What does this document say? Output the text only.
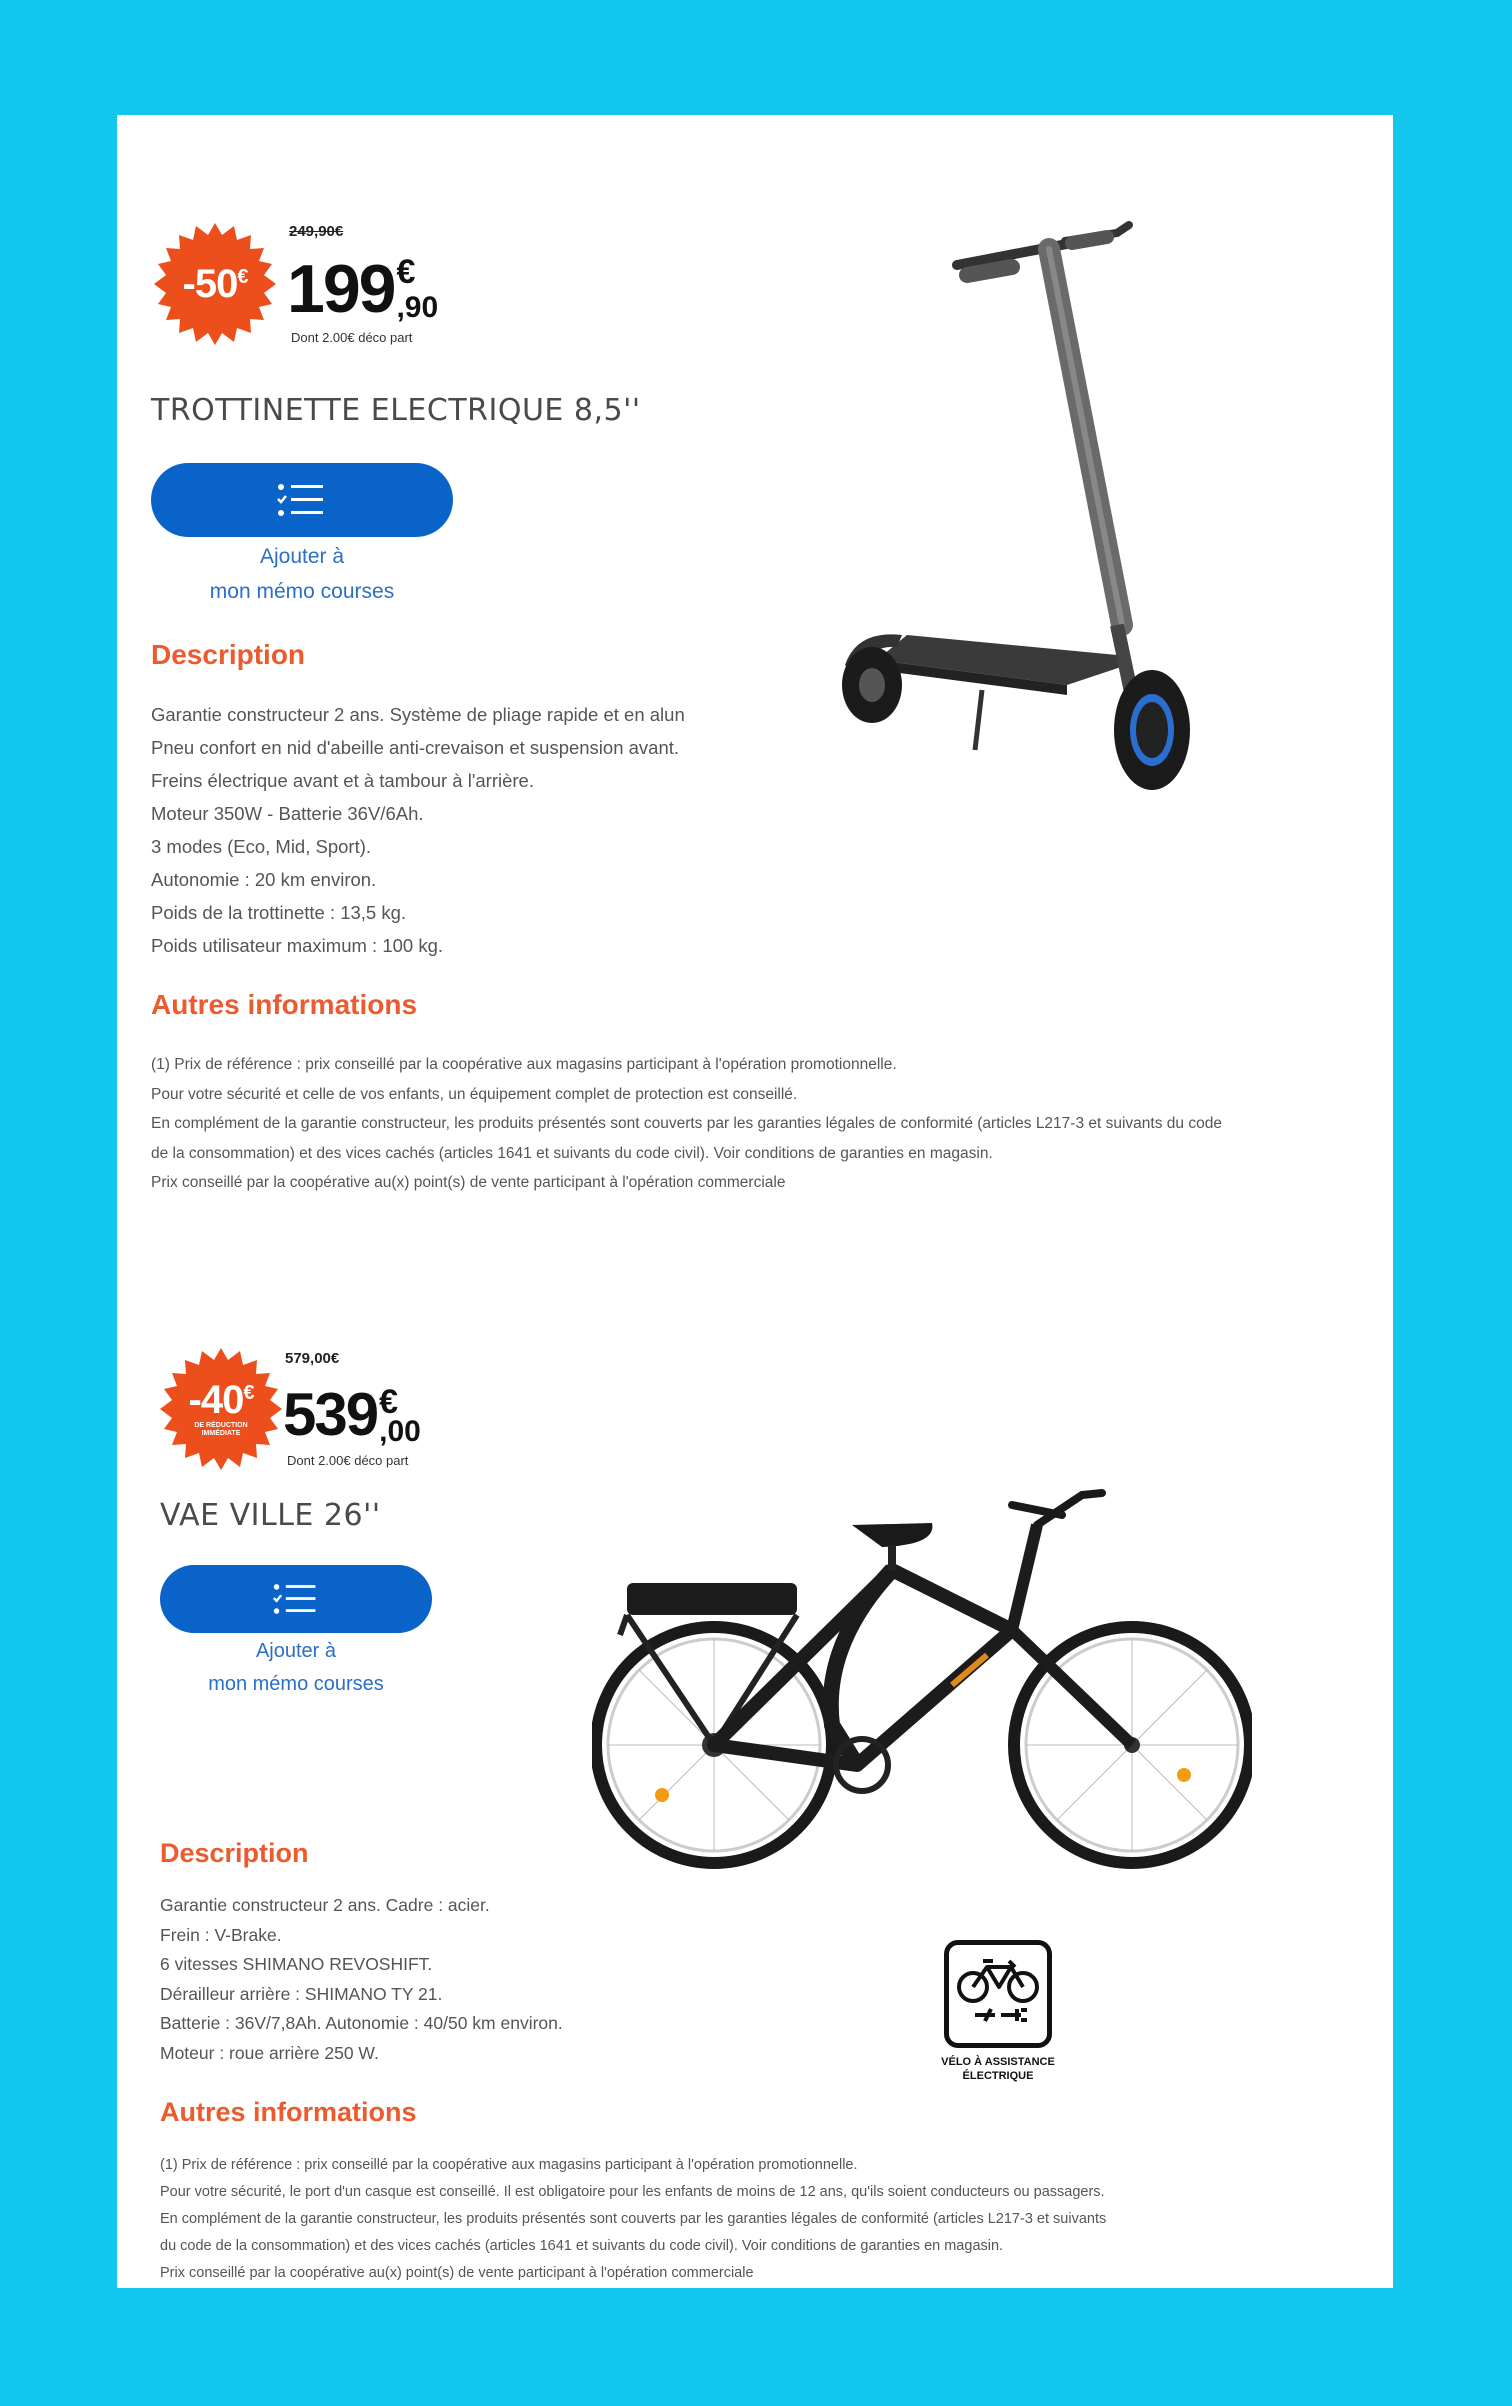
-50€
249,90€
199 €
,90
Dont 2.00€ déco part
TROTTINETTE ELECTRIQUE 8,5''
Ajouter à
mon mémo courses
Description
Garantie constructeur 2 ans. Système de pliage rapide et en alun
Pneu confort en nid d'abeille anti-crevaison et suspension avant.
Freins électrique avant et à tambour à l'arrière.
Moteur 350W - Batterie 36V/6Ah.
3 modes (Eco, Mid, Sport).
Autonomie : 20 km environ.
Poids de la trottinette : 13,5 kg.
Poids utilisateur maximum : 100 kg.
Autres informations
(1) Prix de référence : prix conseillé par la coopérative aux magasins participant à l'opération promotionnelle.
Pour votre sécurité et celle de vos enfants, un équipement complet de protection est conseillé.
En complément de la garantie constructeur, les produits présentés sont couverts par les garanties légales de conformité (articles L217-3 et suivants du code de la consommation) et des vices cachés (articles 1641 et suivants du code civil). Voir conditions de garanties en magasin.
Prix conseillé par la coopérative au(x) point(s) de vente participant à l'opération commerciale
-40€
DE RÉDUCTION IMMÉDIATE
579,00€
539 €
,00
Dont 2.00€ déco part
VAE VILLE 26''
Ajouter à
mon mémo courses
Description
Garantie constructeur 2 ans. Cadre : acier.
Frein : V-Brake.
6 vitesses SHIMANO REVOSHIFT.
Dérailleur arrière : SHIMANO TY 21.
Batterie : 36V/7,8Ah. Autonomie : 40/50 km environ.
Moteur : roue arrière 250 W.	VÉLO À ASSISTANCE
ÉLECTRIQUE
Autres informations
(1) Prix de référence : prix conseillé par la coopérative aux magasins participant à l'opération promotionnelle.
Pour votre sécurité, le port d'un casque est conseillé. Il est obligatoire pour les enfants de moins de 12 ans, qu'ils soient conducteurs ou passagers.
En complément de la garantie constructeur, les produits présentés sont couverts par les garanties légales de conformité (articles L217-3 et suivants du code de la consommation) et des vices cachés (articles 1641 et suivants du code civil). Voir conditions de garanties en magasin.
Prix conseillé par la coopérative au(x) point(s) de vente participant à l'opération commerciale
